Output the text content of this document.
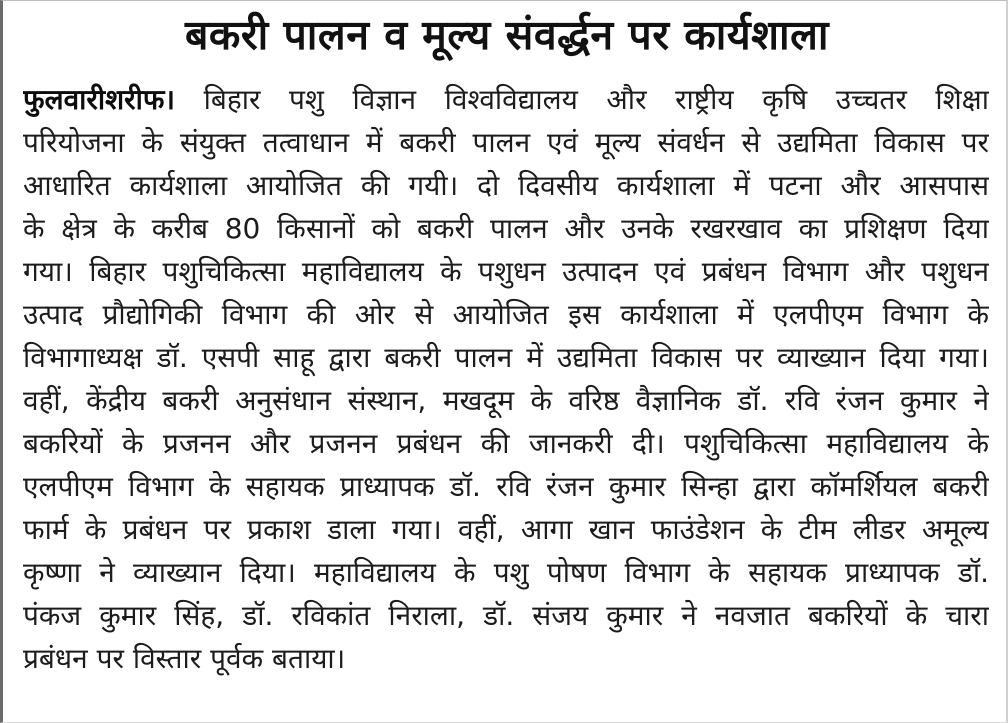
बकरी पालन व मूल्य संवर्द्धन पर कार्यशाला
फुलवारीशरीफ। बिहार पशु विज्ञान विश्वविद्यालय और राष्ट्रीय कृषि उच्चतर शिक्षा
परियोजना के संयुक्त तत्वाधान में बकरी पालन एवं मूल्य संवर्धन से उद्यमिता विकास पर
आधारित कार्यशाला आयोजित की गयी। दो दिवसीय कार्यशाला में पटना और आसपास
के क्षेत्र के करीब 80 किसानों को बकरी पालन और उनके रखरखाव का प्रशिक्षण दिया
गया। बिहार पशुचिकित्सा महाविद्यालय के पशुधन उत्पादन एवं प्रबंधन विभाग और पशुधन
उत्पाद प्रौद्योगिकी विभाग की ओर से आयोजित इस कार्यशाला में एलपीएम विभाग के
विभागाध्यक्ष डॉ. एसपी साहू द्वारा बकरी पालन में उद्यमिता विकास पर व्याख्यान दिया गया।
वहीं, केंद्रीय बकरी अनुसंधान संस्थान, मखदूम के वरिष्ठ वैज्ञानिक डॉ. रवि रंजन कुमार ने
बकरियों के प्रजनन और प्रजनन प्रबंधन की जानकरी दी। पशुचिकित्सा महाविद्यालय के
एलपीएम विभाग के सहायक प्राध्यापक डॉ. रवि रंजन कुमार सिन्हा द्वारा कॉमर्शियल बकरी
फार्म के प्रबंधन पर प्रकाश डाला गया। वहीं, आगा खान फाउंडेशन के टीम लीडर अमूल्य
कृष्णा ने व्याख्यान दिया। महाविद्यालय के पशु पोषण विभाग के सहायक प्राध्यापक डॉ.
पंकज कुमार सिंह, डॉ. रविकांत निराला, डॉ. संजय कुमार ने नवजात बकरियों के चारा
प्रबंधन पर विस्तार पूर्वक बताया।
